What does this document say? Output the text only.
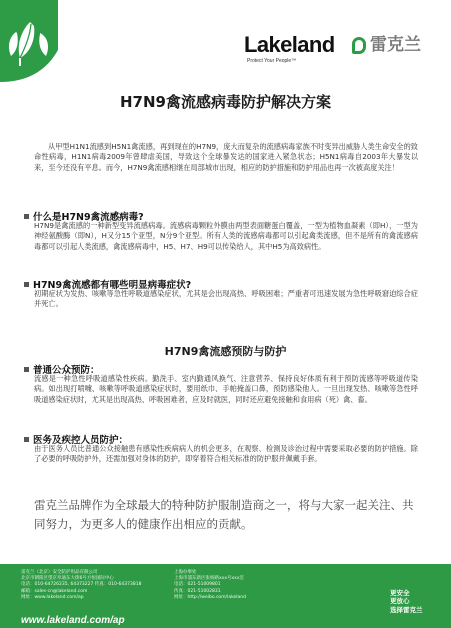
Lakeland 雷克兰
Protect Your People™
H7N9禽流感病毒防护解决方案

从甲型H1N1流感到H5N1禽流感，再到现在的H7N9，庞大而复杂的流感病毒家族不时变异出威胁人类生命安全的致命性病毒，H1N1病毒2009年曾肆虐美国，导致这个全球暴发达的国家进入紧急状态；H5N1病毒自2003年大暴发以来，至今还没有平息。而今，H7N9禽流感相继在局部城市出现，相应的防护措施和防护用品也再一次被高度关注！

什么是H7N9禽流感病毒?

H7N9是禽流感的一种新型变异流感病毒。流感病毒颗粒外膜由两型表面糖蛋白覆盖，一型为植物血凝素（即H），一型为神经氨酸酶（即N），H又分15个亚型，N分9个亚型。所有人类的流感病毒都可以引起禽类流感，但不是所有的禽流感病毒都可以引起人类流感，禽流感病毒中，H5、H7、H9可以传染给人，其中H5为高致病性。

H7N9禽流感都有哪些明显病毒症状?

初期症状为发热、咳嗽等急性呼吸道感染症状，尤其是会出现高热、呼吸困难；严重者可迅速发展为急性呼吸窘迫综合症并死亡。

H7N9禽流感预防与防护
普通公众预防：

流感是一种急性呼吸道感染性疾病。勤洗手、室内勤通风换气、注意营养、保持良好体质有利于预防流感等呼吸道传染病。如出现打喷嚏、咳嗽等呼吸道感染症状时，要用纸巾、手帕掩盖口鼻，预防感染他人。一旦出现发热、咳嗽等急性呼吸道感染症状时，尤其是出现高热、呼吸困难者，应及时就医，同时还应避免接触和食用病（死）禽、畜。

医务及疾控人员防护：

由于医务人员比普通公众接触患有感染性疾病病人的机会更多，在观察、检测及诊治过程中需要采取必要的防护措施。除了必要的呼吸防护外，还需加强对身体的防护，即穿着符合相关标准的防护服并佩戴手套。

雷克兰品牌作为全球最大的特种防护服制造商之一，将与大家一起关注、共同努力，为更多人的健康作出相应的贡献。

雷克兰（北京）安全防护用品有限公司
北京市朝阳区望京阜通东大街6号方恒国际中心
电话：010-64726235, 64373227 传真：010-64373818
邮箱：sales-cn@lakeland.com
网址：www.lakeland.com/ap
上海办事处
上海市浦东新区张杨路xxx号xxx室
电话：021-51009801
传真：021-51002831
网址：http://weibo.com/lakeland
www.lakeland.com/ap
更安全
更放心
选择雷克兰
